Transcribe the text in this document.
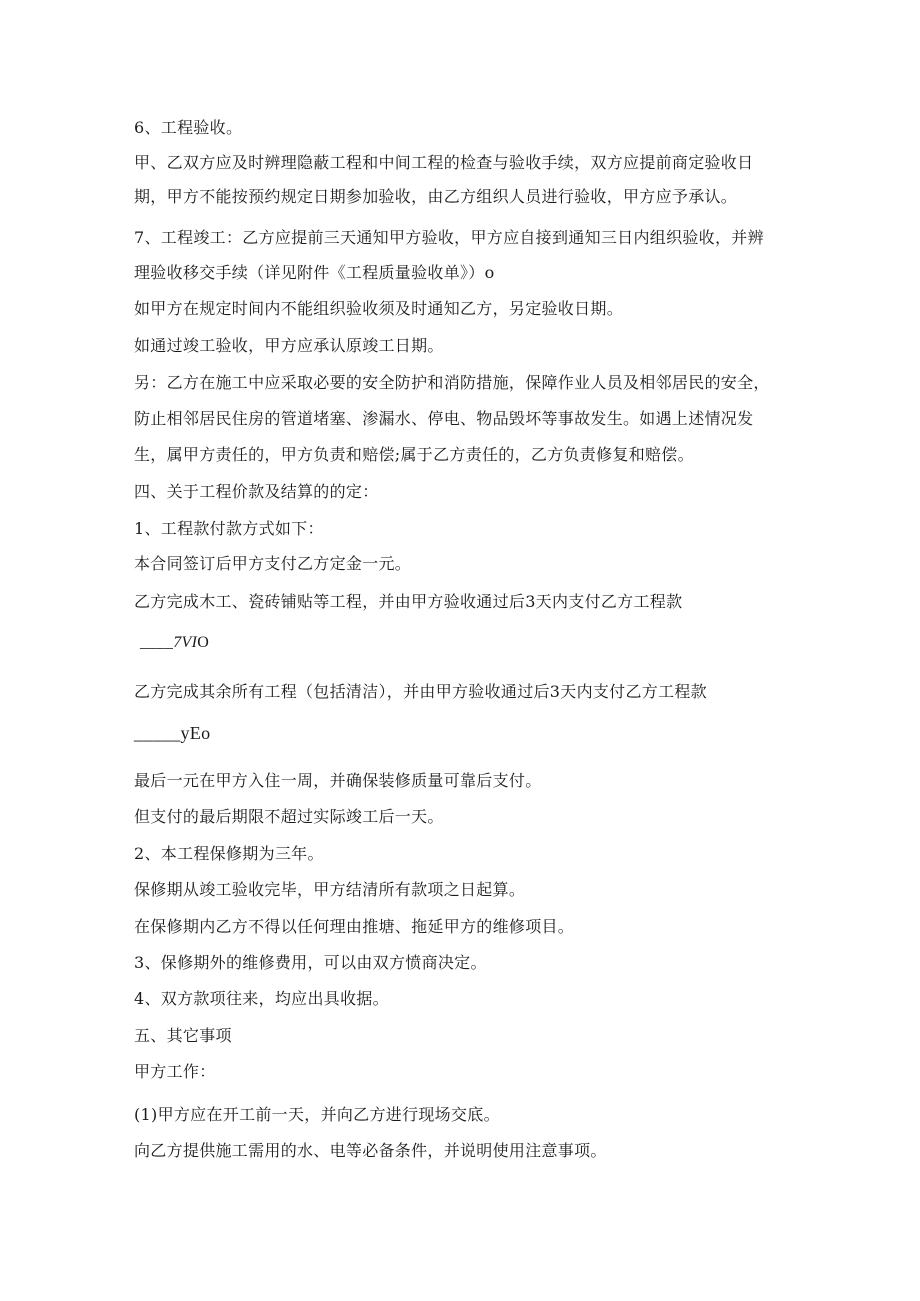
6、工程验收。
甲、乙双方应及时辨理隐蔽工程和中间工程的检查与验收手续，双方应提前商定验收日
期，甲方不能按预约规定日期参加验收，由乙方组织人员进行验收，甲方应予承认。
7、工程竣工：乙方应提前三天通知甲方验收，甲方应自接到通知三日内组织验收，并辨
理验收移交手续（详见附件《工程质量验收单》）o
如甲方在规定时间内不能组织验收须及时通知乙方，另定验收日期。
如通过竣工验收，甲方应承认原竣工日期。
另：乙方在施工中应采取必要的安全防护和消防措施，保障作业人员及相邻居民的安全，
防止相邻居民住房的管道堵塞、渗漏水、停电、物品毁坏等事故发生。如遇上述情况发
生，属甲方责任的，甲方负责和赔偿;属于乙方责任的，乙方负责修复和赔偿。
四、关于工程价款及结算的的定：
1、工程款付款方式如下：
本合同签订后甲方支付乙方定金一元。
乙方完成木工、瓷砖铺贴等工程，并由甲方验收通过后3天内支付乙方工程款
____7VIO
乙方完成其余所有工程（包括清洁），并由甲方验收通过后3天内支付乙方工程款
_____yEo
最后一元在甲方入住一周，并确保装修质量可靠后支付。
但支付的最后期限不超过实际竣工后一天。
2、本工程保修期为三年。
保修期从竣工验收完毕，甲方结清所有款项之日起算。
在保修期内乙方不得以任何理由推塘、拖延甲方的维修项目。
3、保修期外的维修费用，可以由双方愤商决定。
4、双方款项往来，均应出具收据。
五、其它事项
甲方工作：
(1)甲方应在开工前一天，并向乙方进行现场交底。
向乙方提供施工需用的水、电等必备条件，并说明使用注意事项。
